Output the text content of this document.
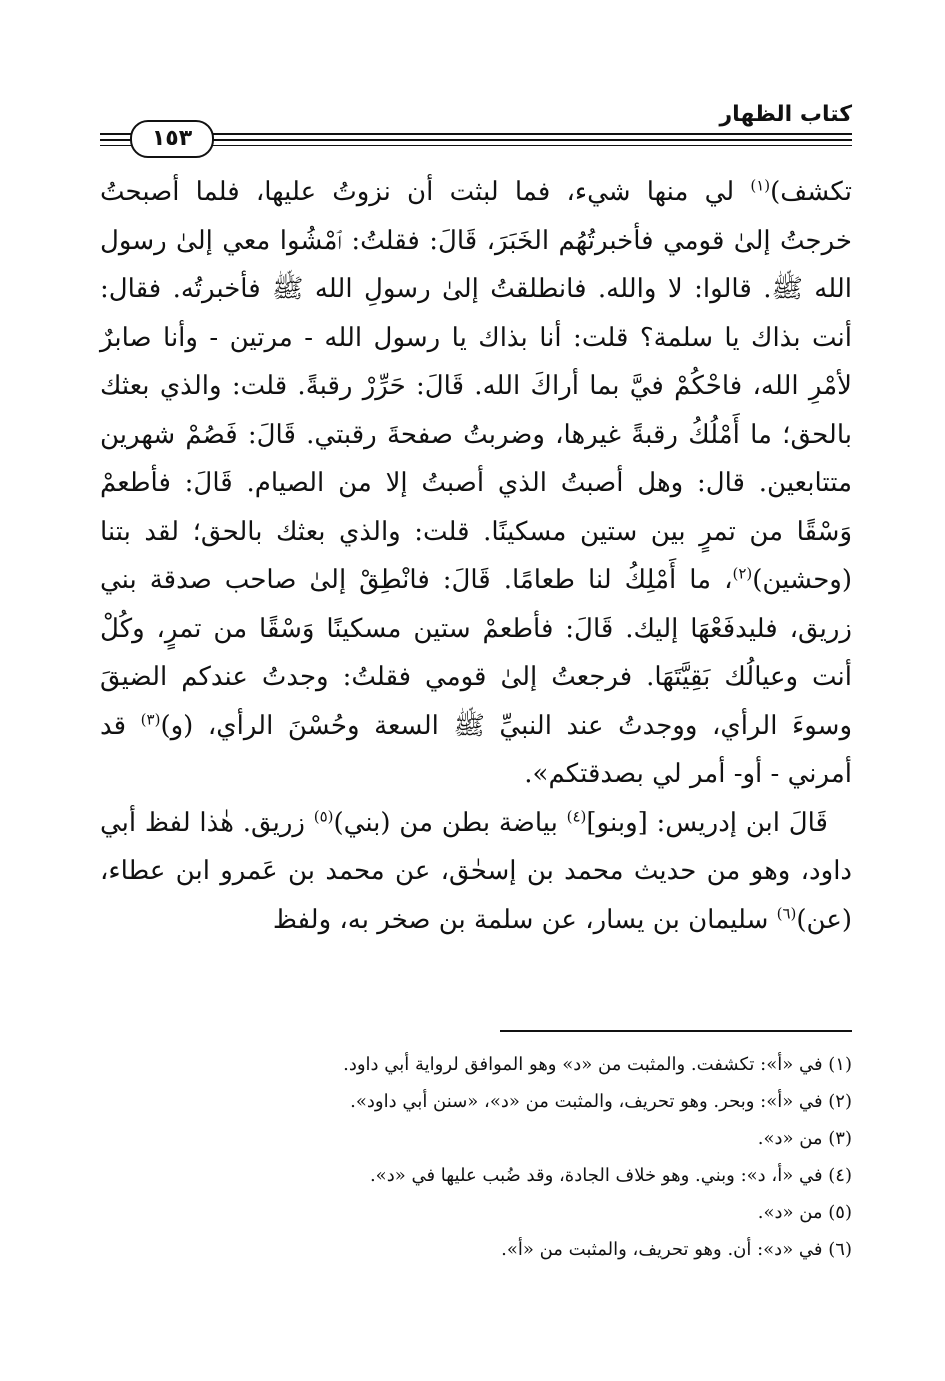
كتاب الظهار
١٥٣

تكشف)$^{(١)}$ لي منها شيء، فما لبثت أن نزوتُ عليها، فلما أصبحتُ خرجتُ إلىٰ قومي فأخبرتُهُم الخَبَرَ، قَالَ: فقلتُ: ٱمْشُوا معي إلىٰ رسول الله ﷺ. قالوا: لا والله. فانطلقتُ إلىٰ رسولِ الله ﷺ فأخبرتُه. فقال: أنت بذاك يا سلمة؟ قلت: أنا بذاك يا رسول الله - مرتين - وأنا صابرٌ لأمْرِ الله، فاحْكُمْ فيَّ بما أراكَ الله. قَالَ: حَرِّرْ رقبةً. قلت: والذي بعثك بالحق؛ ما أَمْلُكُ رقبةً غيرها، وضربتُ صفحةَ رقبتي. قَالَ: فَصُمْ شهرين متتابعين. قال: وهل أصبتُ الذي أصبتُ إلا من الصيام. قَالَ: فأطعمْ وَسْقًا من تمرٍ بين ستين مسكينًا. قلت: والذي بعثك بالحق؛ لقد بتنا (وحشين)$^{(٢)}$، ما أَمْلِكُ لنا طعامًا. قَالَ: فانْطِقْ إلىٰ صاحب صدقة بني زريق، فليدفَعْهَا إليك. قَالَ: فأطعمْ ستين مسكينًا وَسْقًا من تمرٍ، وكُلْ أنت وعيالُك بَقِيَّتَهَا. فرجعتُ إلىٰ قومي فقلتُ: وجدتُ عندكم الضيقَ وسوءَ الرأي، ووجدتُ عند النبيِّ ﷺ السعة وحُسْنَ الرأي، (و)$^{(٣)}$ قد أمرني - أو- أمر لي بصدقتكم».

قَالَ ابن إدريس: [وبنو]$^{(٤)}$ بياضة بطن من (بني)$^{(٥)}$ زريق. هٰذا لفظ أبي داود، وهو من حديث محمد بن إسحٰق، عن محمد بن عَمرو ابن عطاء، (عن)$^{(٦)}$ سليمان بن يسار، عن سلمة بن صخر به، ولفظ

(١) في «أ»: تكشفت. والمثبت من «د» وهو الموافق لرواية أبي داود.
(٢) في «أ»: وبحر. وهو تحريف، والمثبت من «د»، «سنن أبي داود».
(٣) من «د».
(٤) في «أ، د»: وبني. وهو خلاف الجادة، وقد ضُبب عليها في «د».
(٥) من «د».
(٦) في «د»: أن. وهو تحريف، والمثبت من «أ».
